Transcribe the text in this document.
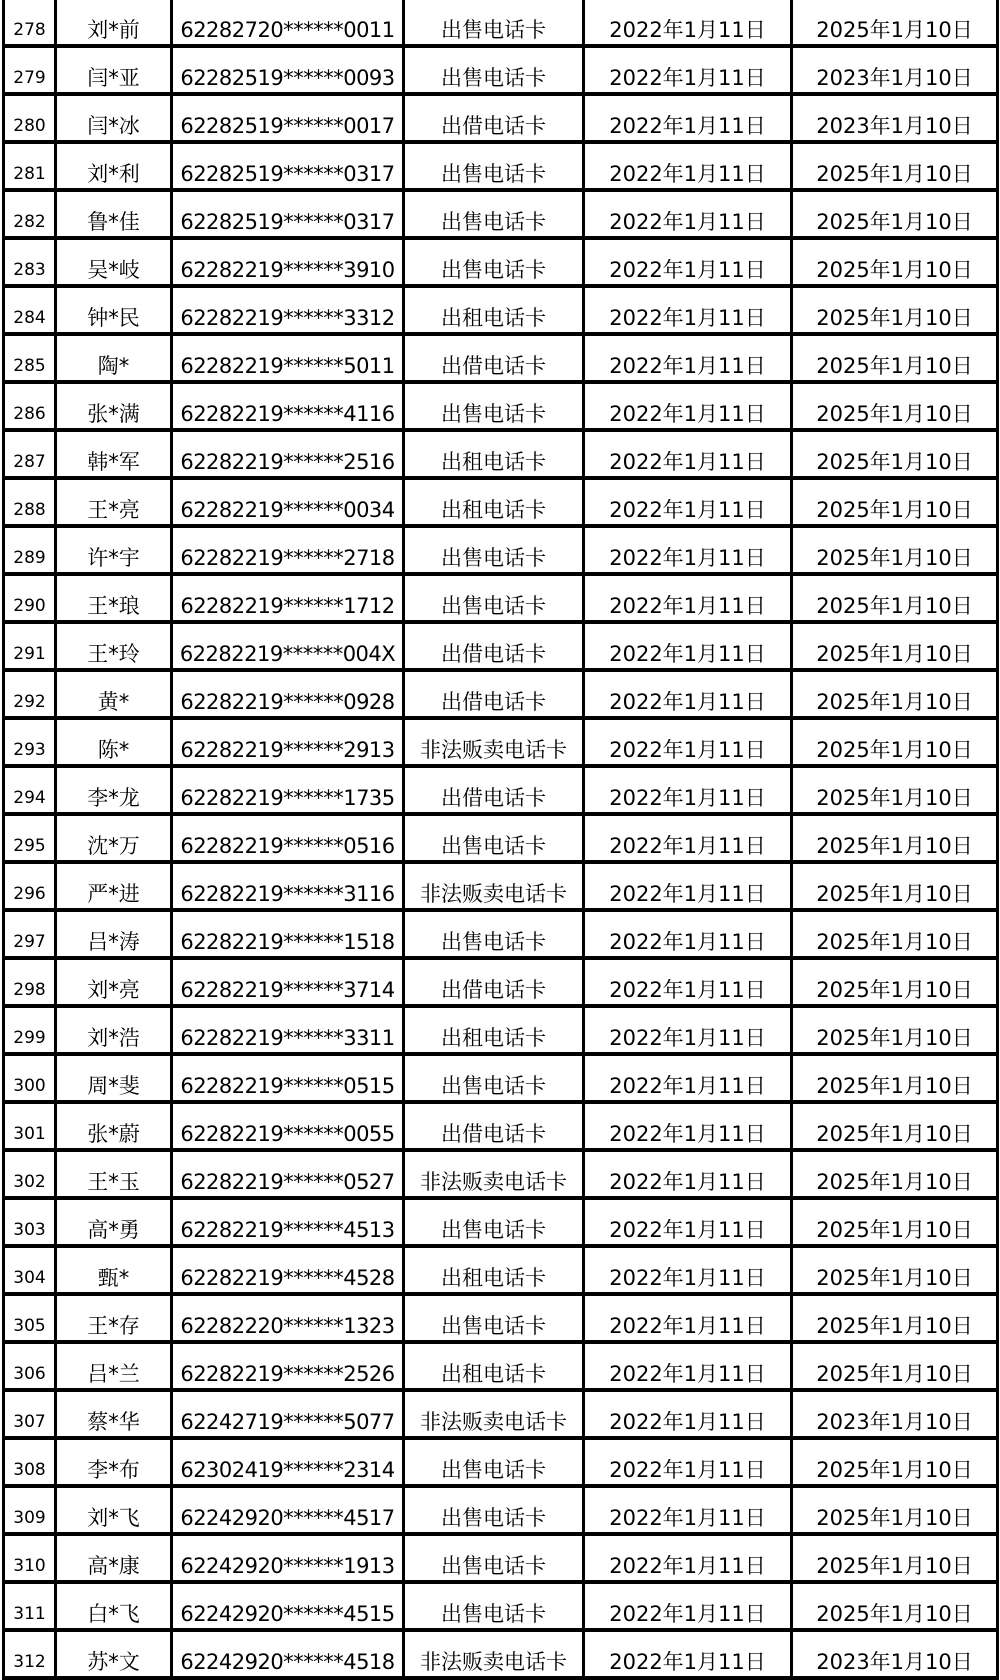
278	刘*前	62282720******0011	出售电话卡	2022年1月11日	2025年1月10日
279	闫*亚	62282519******0093	出售电话卡	2022年1月11日	2023年1月10日
280	闫*冰	62282519******0017	出借电话卡	2022年1月11日	2023年1月10日
281	刘*利	62282519******0317	出售电话卡	2022年1月11日	2025年1月10日
282	鲁*佳	62282519******0317	出售电话卡	2022年1月11日	2025年1月10日
283	吴*岐	62282219******3910	出售电话卡	2022年1月11日	2025年1月10日
284	钟*民	62282219******3312	出租电话卡	2022年1月11日	2025年1月10日
285	陶*	62282219******5011	出借电话卡	2022年1月11日	2025年1月10日
286	张*满	62282219******4116	出售电话卡	2022年1月11日	2025年1月10日
287	韩*军	62282219******2516	出租电话卡	2022年1月11日	2025年1月10日
288	王*亮	62282219******0034	出租电话卡	2022年1月11日	2025年1月10日
289	许*宇	62282219******2718	出售电话卡	2022年1月11日	2025年1月10日
290	王*琅	62282219******1712	出售电话卡	2022年1月11日	2025年1月10日
291	王*玲	62282219******004X	出借电话卡	2022年1月11日	2025年1月10日
292	黄*	62282219******0928	出借电话卡	2022年1月11日	2025年1月10日
293	陈*	62282219******2913	非法贩卖电话卡	2022年1月11日	2025年1月10日
294	李*龙	62282219******1735	出借电话卡	2022年1月11日	2025年1月10日
295	沈*万	62282219******0516	出售电话卡	2022年1月11日	2025年1月10日
296	严*进	62282219******3116	非法贩卖电话卡	2022年1月11日	2025年1月10日
297	吕*涛	62282219******1518	出售电话卡	2022年1月11日	2025年1月10日
298	刘*亮	62282219******3714	出借电话卡	2022年1月11日	2025年1月10日
299	刘*浩	62282219******3311	出租电话卡	2022年1月11日	2025年1月10日
300	周*斐	62282219******0515	出售电话卡	2022年1月11日	2025年1月10日
301	张*蔚	62282219******0055	出借电话卡	2022年1月11日	2025年1月10日
302	王*玉	62282219******0527	非法贩卖电话卡	2022年1月11日	2025年1月10日
303	高*勇	62282219******4513	出售电话卡	2022年1月11日	2025年1月10日
304	甄*	62282219******4528	出租电话卡	2022年1月11日	2025年1月10日
305	王*存	62282220******1323	出售电话卡	2022年1月11日	2025年1月10日
306	吕*兰	62282219******2526	出租电话卡	2022年1月11日	2025年1月10日
307	蔡*华	62242719******5077	非法贩卖电话卡	2022年1月11日	2023年1月10日
308	李*布	62302419******2314	出售电话卡	2022年1月11日	2025年1月10日
309	刘*飞	62242920******4517	出售电话卡	2022年1月11日	2025年1月10日
310	高*康	62242920******1913	出售电话卡	2022年1月11日	2025年1月10日
311	白*飞	62242920******4515	出售电话卡	2022年1月11日	2025年1月10日
312	苏*文	62242920******4518	非法贩卖电话卡	2022年1月11日	2023年1月10日
